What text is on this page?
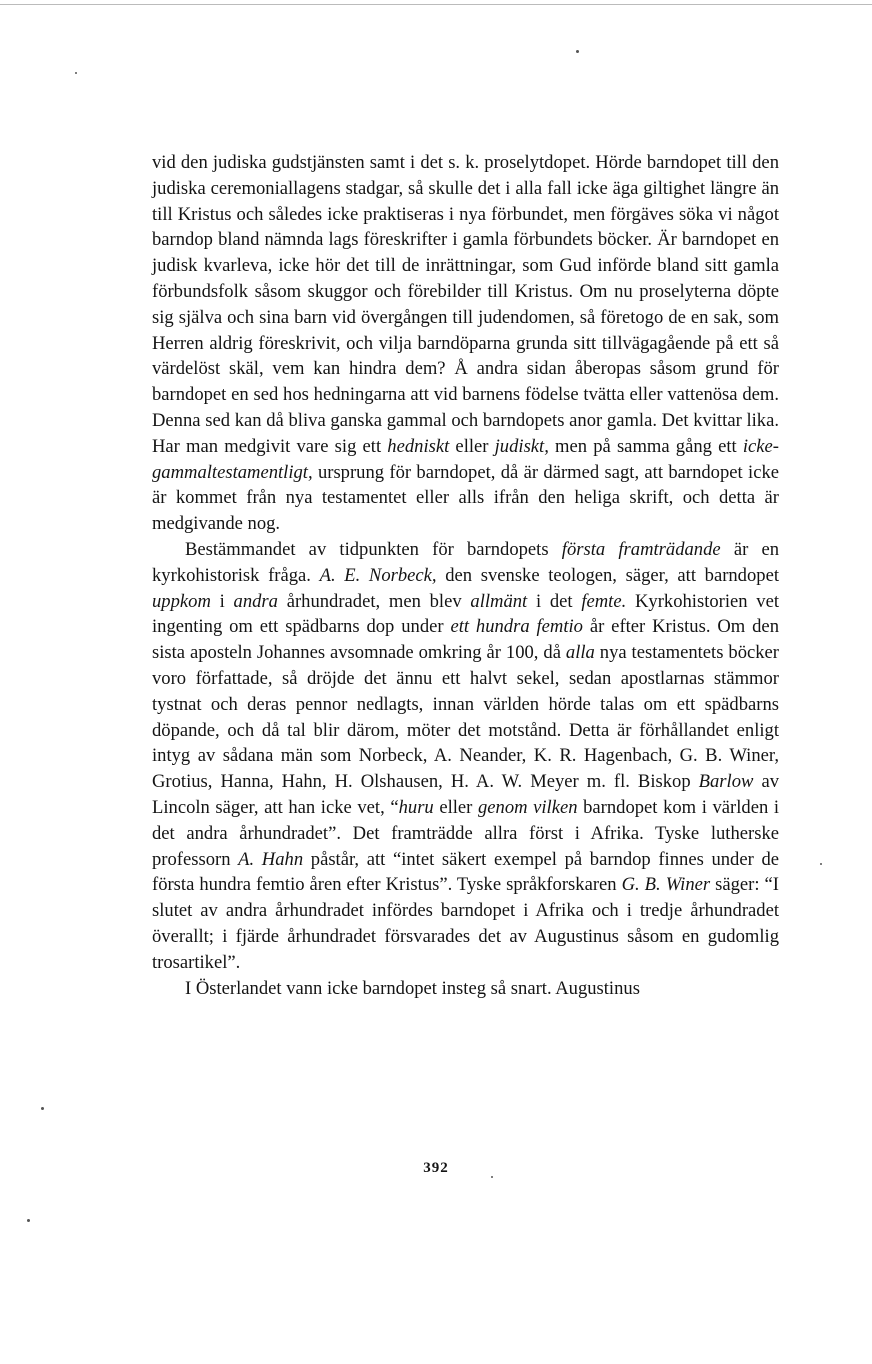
vid den judiska gudstjänsten samt i det s. k. proselytdopet. Hörde barndopet till den judiska ceremoniallagens stadgar, så skulle det i alla fall icke äga giltighet längre än till Kristus och således icke praktiseras i nya förbundet, men förgäves söka vi något barndop bland nämnda lags föreskrifter i gamla förbundets böcker. Är barndopet en judisk kvarleva, icke hör det till de inrättningar, som Gud införde bland sitt gamla förbundsfolk såsom skuggor och förebilder till Kristus. Om nu proselyterna döpte sig själva och sina barn vid övergången till judendomen, så företogo de en sak, som Herren aldrig föreskrivit, och vilja barndöparna grunda sitt tillvägagående på ett så värdelöst skäl, vem kan hindra dem? Å andra sidan åberopas såsom grund för barndopet en sed hos hedningarna att vid barnens födelse tvätta eller vattenösa dem. Denna sed kan då bliva ganska gammal och barndopets anor gamla. Det kvittar lika. Har man medgivit vare sig ett hedniskt eller judiskt, men på samma gång ett icke-gammaltestamentligt, ursprung för barndopet, då är därmed sagt, att barndopet icke är kommet från nya testamentet eller alls ifrån den heliga skrift, och detta är medgivande nog.

Bestämmandet av tidpunkten för barndopets första framträdande är en kyrkohistorisk fråga. A. E. Norbeck, den svenske teologen, säger, att barndopet uppkom i andra århundradet, men blev allmänt i det femte. Kyrkohistorien vet ingenting om ett spädbarns dop under ett hundra femtio år efter Kristus. Om den sista aposteln Johannes avsomnade omkring år 100, då alla nya testamentets böcker voro författade, så dröjde det ännu ett halvt sekel, sedan apostlarnas stämmor tystnat och deras pennor nedlagts, innan världen hörde talas om ett spädbarns döpande, och då tal blir därom, möter det motstånd. Detta är förhållandet enligt intyg av sådana män som Norbeck, A. Neander, K. R. Hagenbach, G. B. Winer, Grotius, Hanna, Hahn, H. Olshausen, H. A. W. Meyer m. fl. Biskop Barlow av Lincoln säger, att han icke vet, “huru eller genom vilken barndopet kom i världen i det andra århundradet”. Det framträdde allra först i Afrika. Tyske lutherske professorn A. Hahn påstår, att “intet säkert exempel på barndop finnes under de första hundra femtio åren efter Kristus”. Tyske språkforskaren G. B. Winer säger: “I slutet av andra århundradet infördes barndopet i Afrika och i tredje århundradet överallt; i fjärde århundradet försvarades det av Augustinus såsom en gudomlig trosartikel”.

I Österlandet vann icke barndopet insteg så snart. Augustinus

392
